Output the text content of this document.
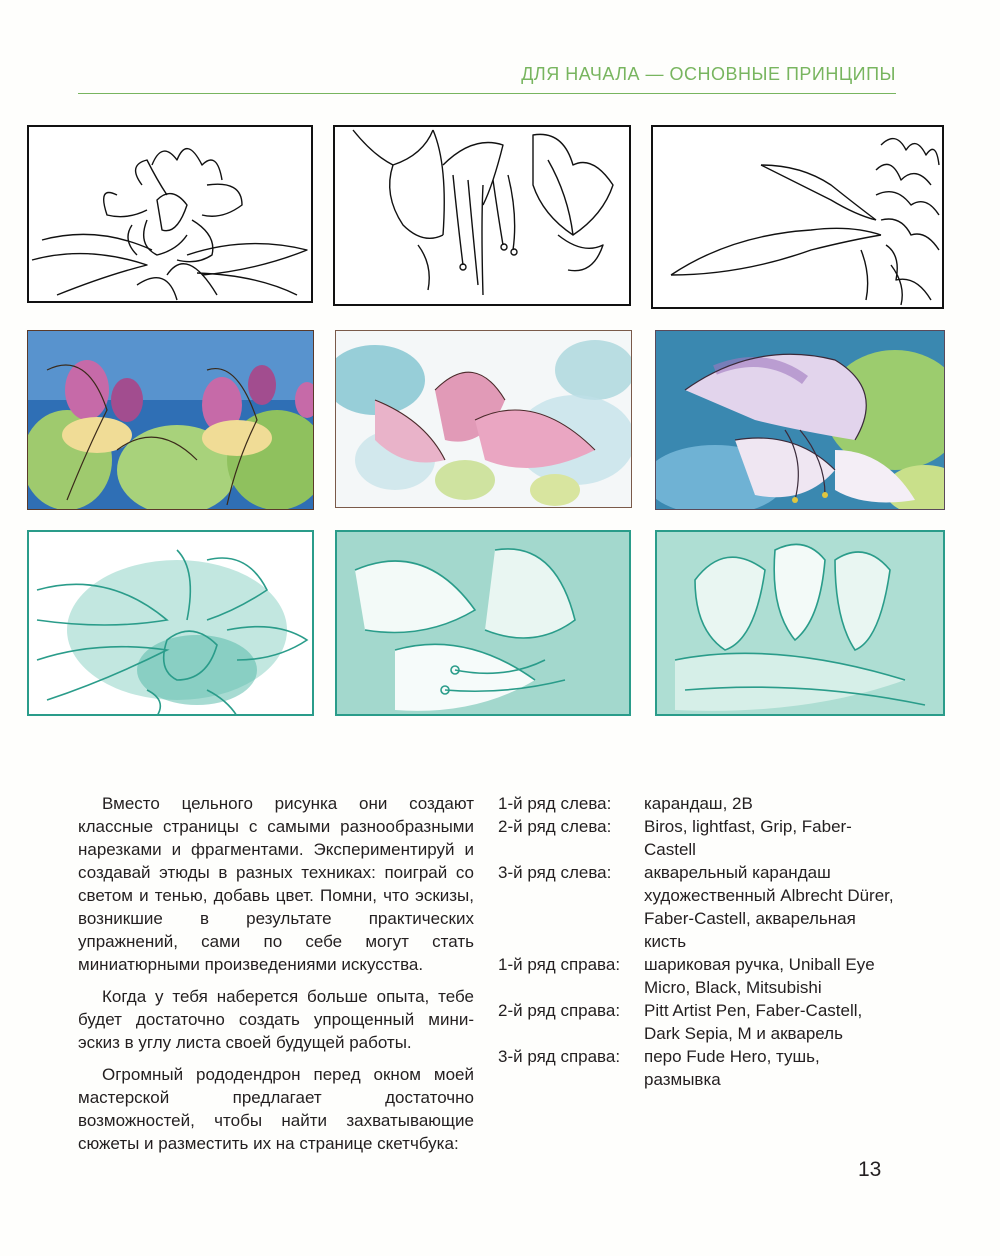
ДЛЯ НАЧАЛА — ОСНОВНЫЕ ПРИНЦИПЫ

Вместо цельного рисунка они создают классные страницы с самыми разнообразными нарезками и фрагментами. Экспериментируй и создавай этюды в разных техниках: поиграй со светом и тенью, добавь цвет. Помни, что эскизы, возникшие в результате практических упражнений, сами по себе могут стать миниатюрными произведениями искусства.

Когда у тебя наберется больше опыта, тебе будет достаточно создать упрощенный мини-эскиз в углу листа своей будущей работы.

Огромный рододендрон перед окном моей мастерской предлагает достаточно возможностей, чтобы найти захватывающие сюжеты и разместить их на странице скетчбука:

1-й ряд слева:	карандаш, 2B
2-й ряд слева:	Biros, lightfast, Grip, Faber-Castell
3-й ряд слева:	акварельный карандаш художественный Albrecht Dürer, Faber-Castell, акварельная кисть
1-й ряд справа:	шариковая ручка, Uniball Eye Micro, Black, Mitsubishi
2-й ряд справа:	Pitt Artist Pen, Faber-Castell, Dark Sepia, M и акварель
3-й ряд справа:	перо Fude Hero, тушь, размывка
13
